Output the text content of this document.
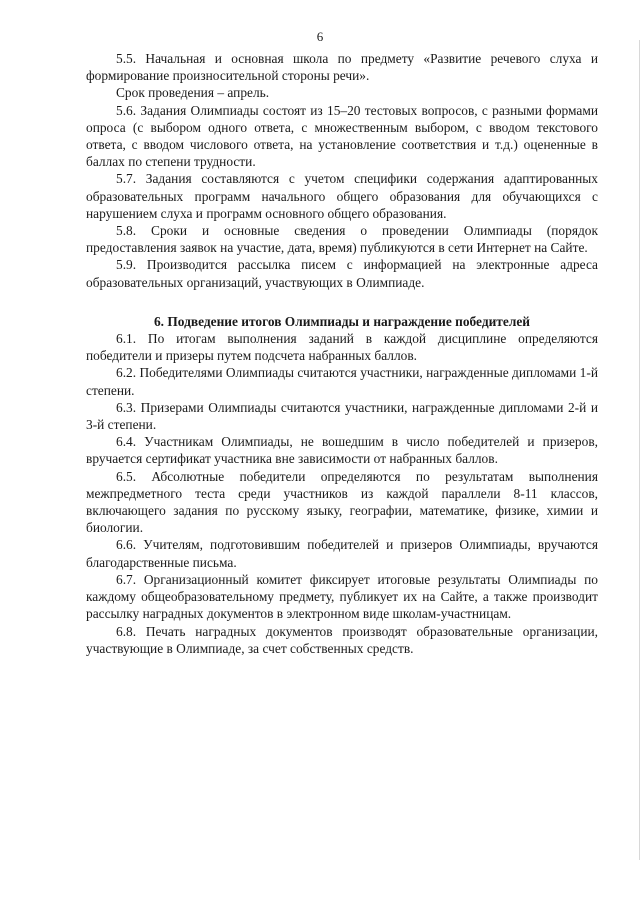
6

5.5. Начальная и основная школа по предмету «Развитие речевого слуха и формирование произносительной стороны речи».

Срок проведения – апрель.

5.6. Задания Олимпиады состоят из 15–20 тестовых вопросов, с разными формами опроса (с выбором одного ответа, с множественным выбором, с вводом текстового ответа, с вводом числового ответа, на установление соответствия и т.д.) оцененные в баллах по степени трудности.

5.7. Задания составляются с учетом специфики содержания адаптированных образовательных программ начального общего образования для обучающихся с нарушением слуха и программ основного общего образования.

5.8. Сроки и основные сведения о проведении Олимпиады (порядок предоставления заявок на участие, дата, время) публикуются в сети Интернет на Сайте.

5.9. Производится рассылка писем с информацией на электронные адреса образовательных организаций, участвующих в Олимпиаде.

6. Подведение итогов Олимпиады и награждение победителей

6.1. По итогам выполнения заданий в каждой дисциплине определяются победители и призеры путем подсчета набранных баллов.

6.2. Победителями Олимпиады считаются участники, награжденные дипломами 1-й степени.

6.3. Призерами Олимпиады считаются участники, награжденные дипломами 2-й и 3-й степени.

6.4. Участникам Олимпиады, не вошедшим в число победителей и призеров, вручается сертификат участника вне зависимости от набранных баллов.

6.5. Абсолютные победители определяются по результатам выполнения межпредметного теста среди участников из каждой параллели 8-11 классов, включающего задания по русскому языку, географии, математике, физике, химии и биологии.

6.6. Учителям, подготовившим победителей и призеров Олимпиады, вручаются благодарственные письма.

6.7. Организационный комитет фиксирует итоговые результаты Олимпиады по каждому общеобразовательному предмету, публикует их на Сайте, а также производит рассылку наградных документов в электронном виде школам-участницам.

6.8. Печать наградных документов производят образовательные организации, участвующие в Олимпиаде, за счет собственных средств.
